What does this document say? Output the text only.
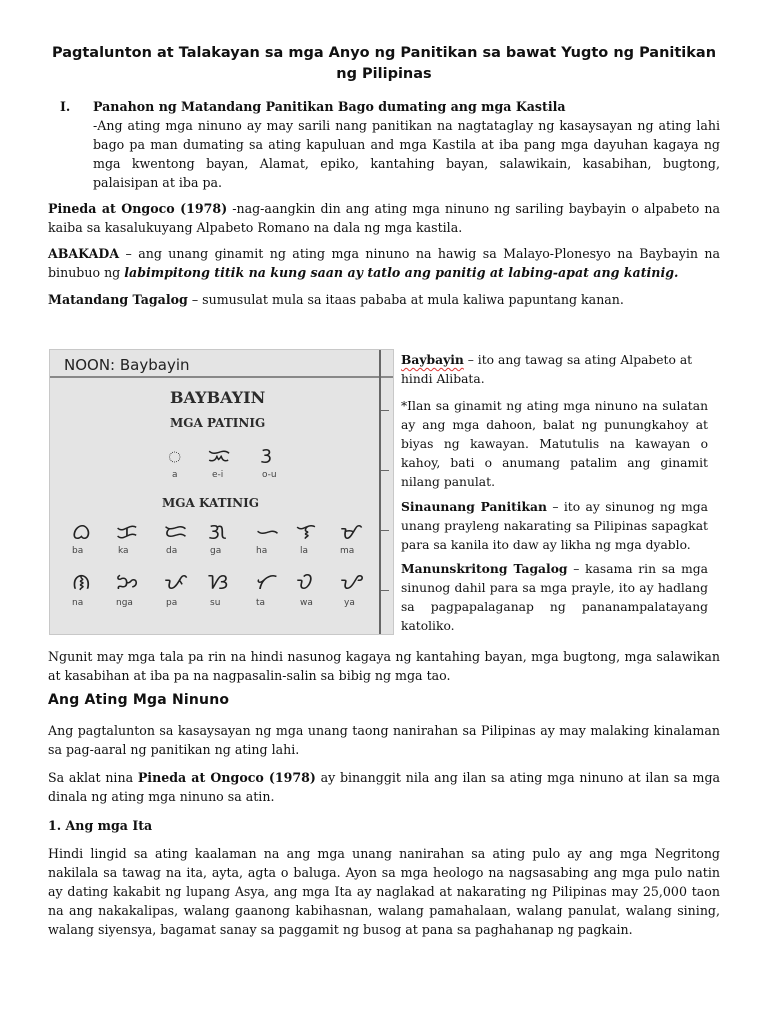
Pagtalunton at Talakayan sa mga Anyo ng Panitikan sa bawat Yugto ng Panitikan ng Pilipinas
I. Panahon ng Matandang Panitikan Bago dumating ang mga Kastila
-Ang ating mga ninuno ay may sarili nang panitikan na nagtataglay ng kasaysayan ng ating lahi bago pa man dumating sa ating kapuluan and mga Kastila at iba pang mga dayuhan kagaya ng mga kwentong bayan, Alamat, epiko, kantahing bayan, salawikain, kasabihan, bugtong, palaisipan at iba pa.

Pineda at Ongoco (1978) -nag-aangkin din ang ating mga ninuno ng sariling baybayin o alpabeto na kaiba sa kasalukuyang Alpabeto Romano na dala ng mga kastila.

ABAKADA – ang unang ginamit ng ating mga ninuno na hawig sa Malayo-Plonesyo na Baybayin na binubuo ng labimpitong titik na kung saan ay tatlo ang panitig at labing-apat ang katinig.

Matandang Tagalog – sumusulat mula sa itaas pababa at mula kaliwa papuntang kanan.

NOON: Baybayin
BAYBAYIN
MGA PATINIG
ᜀ ᜁ ᜂ
a	e-i	o-u
MGA KATINIG
ᜊ ᜃ ᜇ ᜄ ᜑ ᜎ ᜋ
ba	ka	da	ga	ha	la	ma
ᜈ ᜅ ᜉ ᜐ ᜆ ᜏ ᜌ
na	nga	pa	su	ta	wa	ya

Baybayin – ito ang tawag sa ating Alpabeto at hindi Alibata.

*Ilan sa ginamit ng ating mga ninuno na sulatan ay ang mga dahoon, balat ng punungkahoy at biyas ng kawayan. Matutulis na kawayan o kahoy, bati o anumang patalim ang ginamit nilang panulat.

Sinaunang Panitikan – ito ay sinunog ng mga unang prayleng nakarating sa Pilipinas sapagkat para sa kanila ito daw ay likha ng mga dyablo.

Manunskritong Tagalog – kasama rin sa mga sinunog dahil para sa mga prayle, ito ay hadlang sa pagpapalaganap ng pananampalatayang katoliko.

Ngunit may mga tala pa rin na hindi nasunog kagaya ng kantahing bayan, mga bugtong, mga salawikan at kasabihan at iba pa na nagpasalin-salin sa bibig ng mga tao.

Ang Ating Mga Ninuno

Ang pagtalunton sa kasaysayan ng mga unang taong nanirahan sa Pilipinas ay may malaking kinalaman sa pag-aaral ng panitikan ng ating lahi.

Sa aklat nina Pineda at Ongoco (1978) ay binanggit nila ang ilan sa ating mga ninuno at ilan sa mga dinala ng ating mga ninuno sa atin.

1. Ang mga Ita

Hindi lingid sa ating kaalaman na ang mga unang nanirahan sa ating pulo ay ang mga Negritong nakilala sa tawag na ita, ayta, agta o baluga. Ayon sa mga heologo na nagsasabing ang mga pulo natin ay dating kakabit ng lupang Asya, ang mga Ita ay naglakad at nakarating ng Pilipinas may 25,000 taon na ang nakakalipas, walang gaanong kabihasnan, walang pamahalaan, walang panulat, walang sining, walang siyensya, bagamat sanay sa paggamit ng busog at pana sa paghahanap ng pagkain.
